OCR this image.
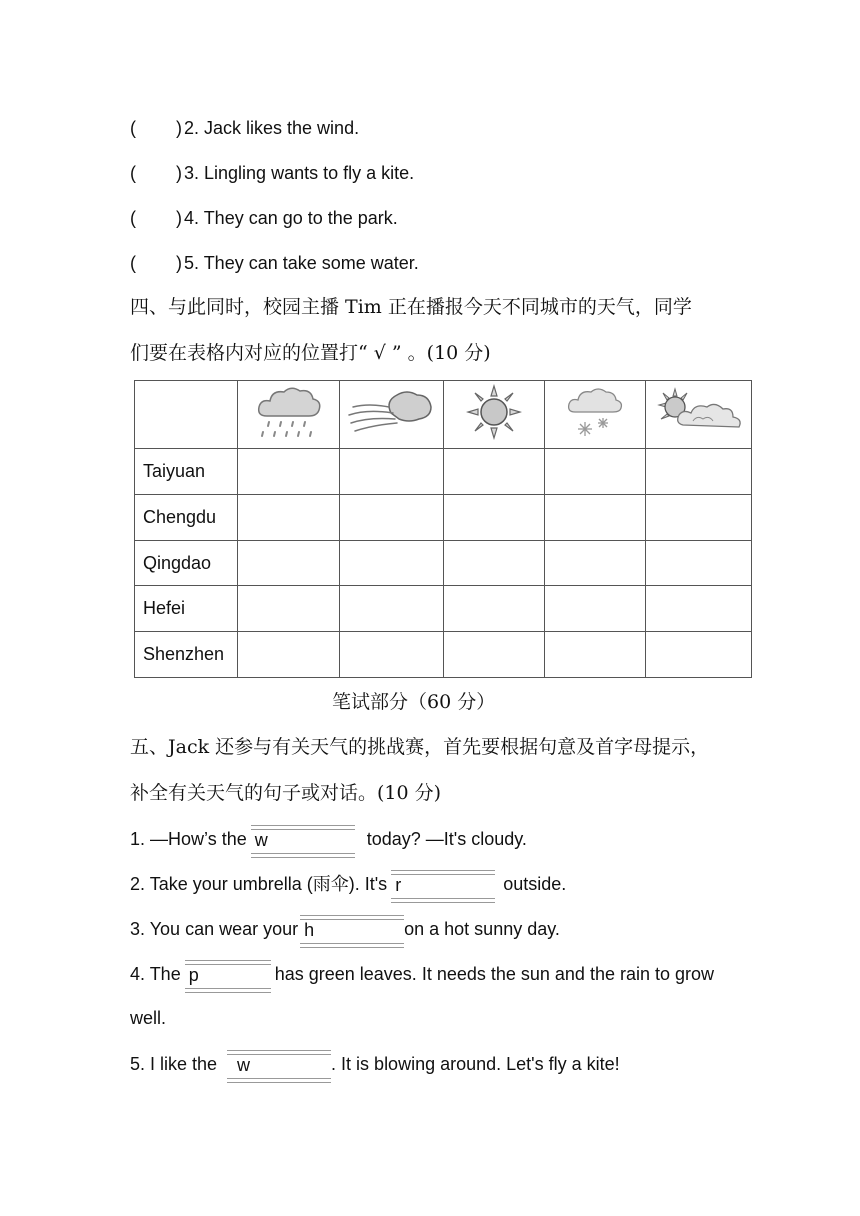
( ) 2. Jack likes the wind.
( ) 3. Lingling wants to fly a kite.
( ) 4. They can go to the park.
( ) 5. They can take some water.
四、与此同时，校园主播 Tim 正在播报今天不同城市的天气，同学
们要在表格内对应的位置打“ √ ” 。(10 分)

Taiyuan					
Chengdu					
Qingdao					
Hefei					
Shenzhen					
笔试部分（60 分）
五、Jack 还参与有关天气的挑战赛，首先要根据句意及首字母提示，
补全有关天气的句子或对话。(10 分)
1. —How’s the w	today? —It's cloudy.
2. Take your umbrella (雨伞). It's r	outside.
3. You can wear your h	on a hot sunny day.
4. The p	has green leaves. It needs the sun and the rain to grow
well.
5. I like the w	. It is blowing around. Let's fly a kite!
